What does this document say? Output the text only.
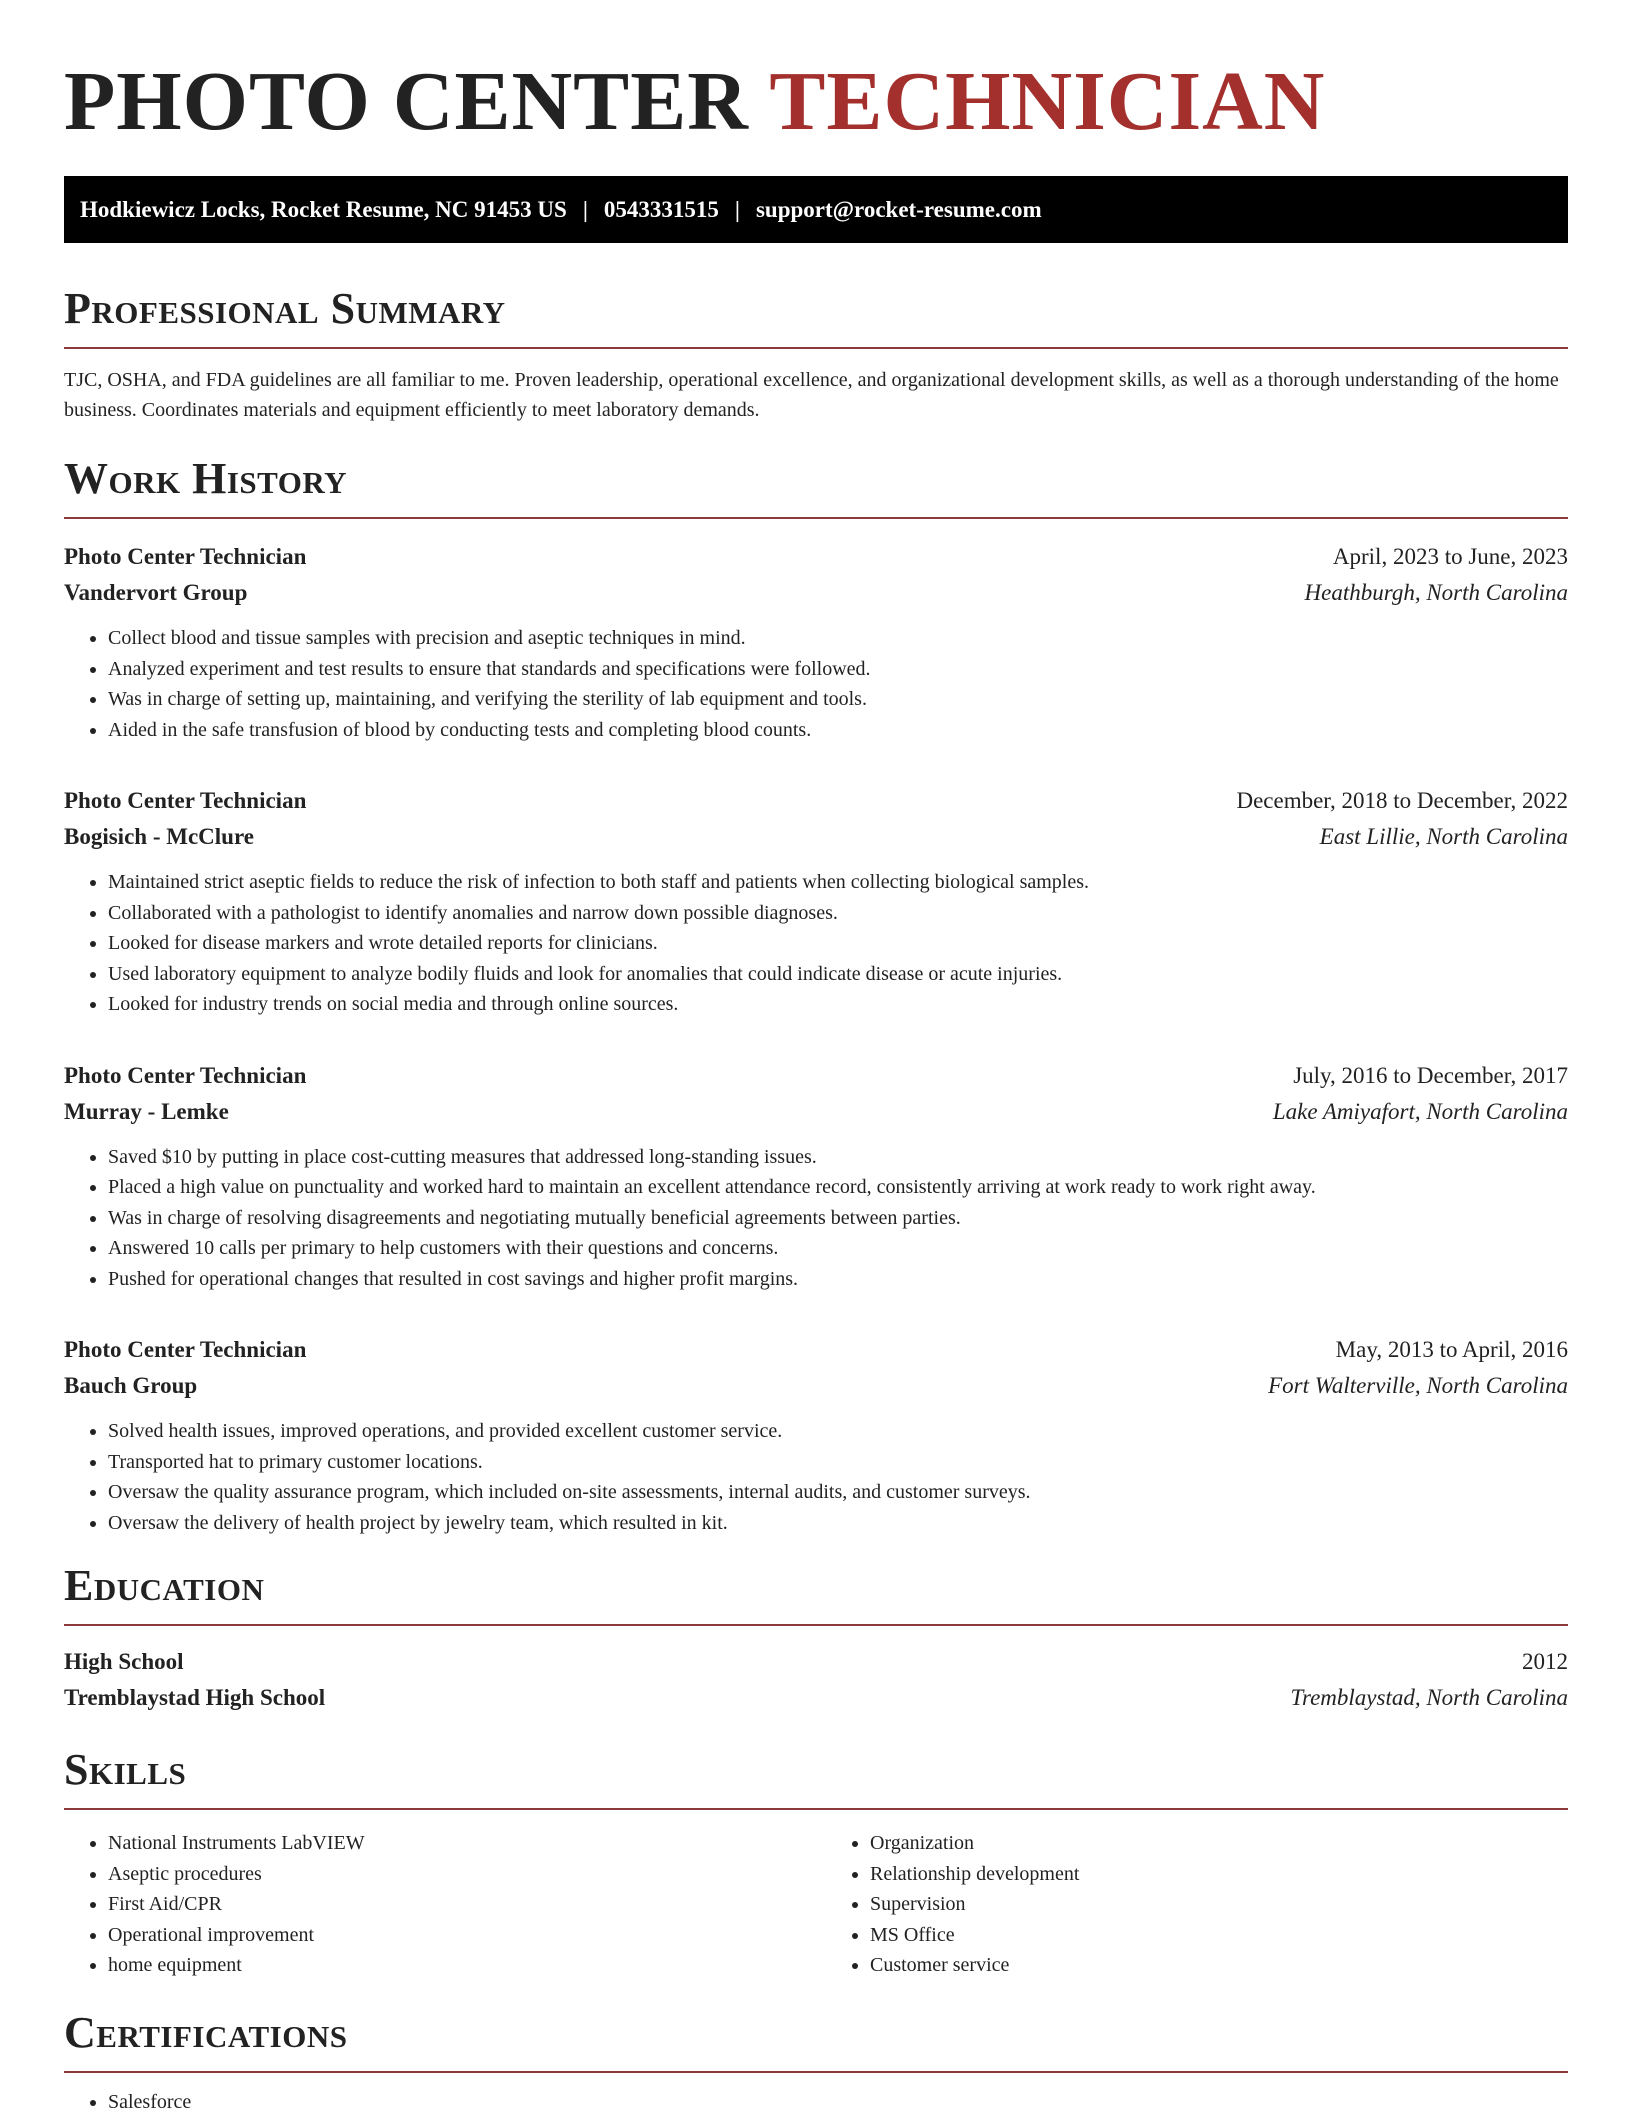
PHOTO CENTER TECHNICIAN
Hodkiewicz Locks, Rocket Resume, NC 91453 US | 0543331515 | support@rocket-resume.com
Professional Summary

TJC, OSHA, and FDA guidelines are all familiar to me. Proven leadership, operational excellence, and organizational development skills, as well as a thorough understanding of the home business. Coordinates materials and equipment efficiently to meet laboratory demands.

Work History
Photo Center Technician	April, 2023 to June, 2023
Vandervort Group	Heathburgh, North Carolina
• Collect blood and tissue samples with precision and aseptic techniques in mind.
• Analyzed experiment and test results to ensure that standards and specifications were followed.
• Was in charge of setting up, maintaining, and verifying the sterility of lab equipment and tools.
• Aided in the safe transfusion of blood by conducting tests and completing blood counts.
Photo Center Technician	December, 2018 to December, 2022
Bogisich - McClure	East Lillie, North Carolina
• Maintained strict aseptic fields to reduce the risk of infection to both staff and patients when collecting biological samples.
• Collaborated with a pathologist to identify anomalies and narrow down possible diagnoses.
• Looked for disease markers and wrote detailed reports for clinicians.
• Used laboratory equipment to analyze bodily fluids and look for anomalies that could indicate disease or acute injuries.
• Looked for industry trends on social media and through online sources.
Photo Center Technician	July, 2016 to December, 2017
Murray - Lemke	Lake Amiyafort, North Carolina
• Saved $10 by putting in place cost-cutting measures that addressed long-standing issues.
• Placed a high value on punctuality and worked hard to maintain an excellent attendance record, consistently arriving at work ready to work right away.
• Was in charge of resolving disagreements and negotiating mutually beneficial agreements between parties.
• Answered 10 calls per primary to help customers with their questions and concerns.
• Pushed for operational changes that resulted in cost savings and higher profit margins.
Photo Center Technician	May, 2013 to April, 2016
Bauch Group	Fort Walterville, North Carolina
• Solved health issues, improved operations, and provided excellent customer service.
• Transported hat to primary customer locations.
• Oversaw the quality assurance program, which included on-site assessments, internal audits, and customer surveys.
• Oversaw the delivery of health project by jewelry team, which resulted in kit.
Education
High School	2012
Tremblaystad High School	Tremblaystad, North Carolina
Skills
• National Instruments LabVIEW
• Aseptic procedures
• First Aid/CPR
• Operational improvement
• home equipment
• Organization
• Relationship development
• Supervision
• MS Office
• Customer service
Certifications
• Salesforce
